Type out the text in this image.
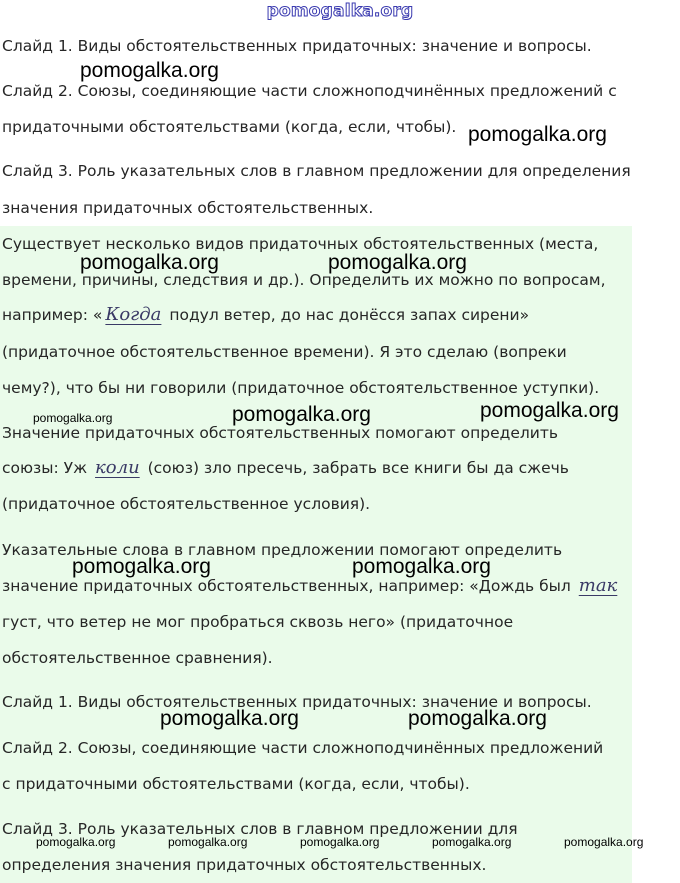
pomogalka.org
Слайд 1. Виды обстоятельственных придаточных: значение и вопросы.
Слайд 2. Союзы, соединяющие части сложноподчинённых предложений с
придаточными обстоятельствами (когда, если, чтобы).
Слайд 3. Роль указательных слов в главном предложении для определения
значения придаточных обстоятельственных.
Существует несколько видов придаточных обстоятельственных (места,
времени, причины, следствия и др.). Определить их можно по вопросам,
например: « Когда подул ветер, до нас донёсся запах сирени»
(придаточное обстоятельственное времени). Я это сделаю (вопреки
чему?), что бы ни говорили (придаточное обстоятельственное уступки).
Значение придаточных обстоятельственных помогают определить
союзы: Уж коли (союз) зло пресечь, забрать все книги бы да сжечь
(придаточное обстоятельственное условия).
Указательные слова в главном предложении помогают определить
значение придаточных обстоятельственных, например: «Дождь был так
густ, что ветер не мог пробраться сквозь него» (придаточное
обстоятельственное сравнения).
Слайд 1. Виды обстоятельственных придаточных: значение и вопросы.
Слайд 2. Союзы, соединяющие части сложноподчинённых предложений
с придаточными обстоятельствами (когда, если, чтобы).
Слайд 3. Роль указательных слов в главном предложении для
определения значения придаточных обстоятельственных.
pomogalka.org
pomogalka.org
pomogalka.org	pomogalka.org
pomogalka.org	pomogalka.org	pomogalka.org
pomogalka.org	pomogalka.org
pomogalka.org	pomogalka.org
pomogalka.org	pomogalka.org	pomogalka.org	pomogalka.org	pomogalka.org
